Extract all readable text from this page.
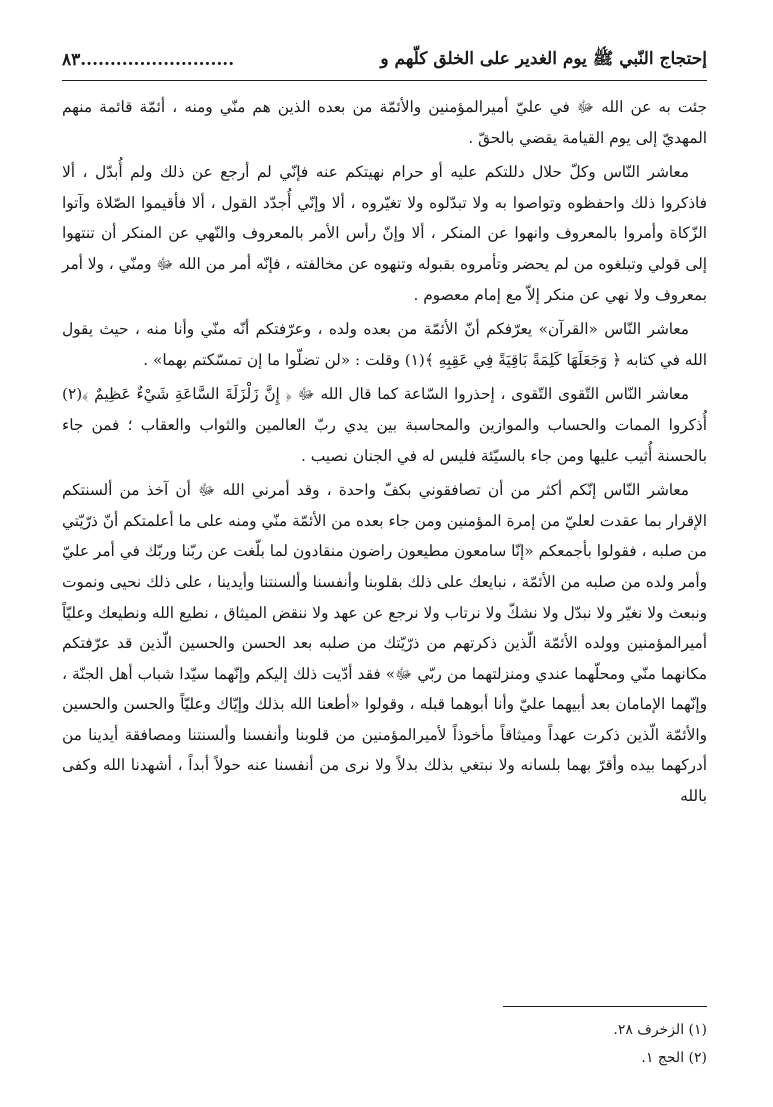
إحتجاج النّبي ﷺ يوم الغدير على الخلق كلّهم و
..........................٨٣

جئت به عن الله ﷻ في عليّ أميرالمؤمنين والأئمّة من بعده الذين هم منّي ومنه ، أئمّة قائمة منهم المهديّ إلى يوم القيامة يقضي بالحقّ .

معاشر النّاس وكلّ حلال دللتكم عليه أو حرام نهيتكم عنه فإنّي لم أرجع عن ذلك ولم أُبدّل ، ألا فاذكروا ذلك واحفظوه وتواصوا به ولا تبدّلوه ولا تغيّروه ، ألا وإنّي أُجدّد القول ، ألا فأقيموا الصّلاة وآتوا الزّكاة وأمروا بالمعروف وانهوا عن المنكر ، ألا وإنّ رأس الأمر بالمعروف والنّهي عن المنكر أن تنتهوا إلى قولي وتبلغوه من لم يحضر وتأمروه بقبوله وتنهوه عن مخالفته ، فإنّه أمر من الله ﷻ ومنّي ، ولا أمر بمعروف ولا نهي عن منكر إلاّ مع إمام معصوم .

معاشر النّاس «القرآن» يعرّفكم أنّ الأئمّة من بعده ولده ، وعرّفتكم أنّه منّي وأنا منه ، حيث يقول الله في كتابه ﴿ وَجَعَلَهَا كَلِمَةً بَاقِيَةً فِي عَقِبِهِ ﴾(١) وقلت : «لن تضلّوا ما إن تمسّكتم بهما» .

معاشر النّاس التّقوى التّقوى ، إحذروا السّاعة كما قال الله ﷻ ﴿ إِنَّ زَلْزَلَةَ السَّاعَةِ شَيْءٌ عَظِيمٌ ﴾(٢) أُذكروا الممات والحساب والموازين والمحاسبة بين يدي ربّ العالمين والثواب والعقاب ؛ فمن جاء بالحسنة أُثيب عليها ومن جاء بالسيّئة فليس له في الجنان نصيب .

معاشر النّاس إنّكم أكثر من أن تصافقوني بكفّ واحدة ، وقد أمرني الله ﷻ أن آخذ من ألسنتكم الإقرار بما عقدت لعليّ من إمرة المؤمنين ومن جاء بعده من الأئمّة منّي ومنه على ما أعلمتكم أنّ ذرّيّتي من صلبه ، فقولوا بأجمعكم «إنّا سامعون مطيعون راضون منقادون لما بلّغت عن ربّنا وربّك في أمر عليّ وأمر ولده من صلبه من الأئمّة ، نبايعك على ذلك بقلوبنا وأنفسنا وألسنتنا وأيدينا ، على ذلك نحيى ونموت ونبعث ولا نغيّر ولا نبدّل ولا نشكّ ولا نرتاب ولا نرجع عن عهد ولا ننقض الميثاق ، نطيع الله ونطيعك وعليّاً أميرالمؤمنين وولده الأئمّة الّذين ذكرتهم من ذرّيّتك من صلبه بعد الحسن والحسين الّذين قد عرّفتكم مكانهما منّي ومحلّهما عندي ومنزلتهما من ربّي ﷻ» فقد أدّيت ذلك إليكم وإنّهما سيّدا شباب أهل الجنّة ، وإنّهما الإمامان بعد أبيهما عليّ وأنا أبوهما قبله ، وقولوا «أطعنا الله بذلك وإيّاك وعليّاً والحسن والحسين والأئمّة الّذين ذكرت عهداً وميثاقاً مأخوذاً لأميرالمؤمنين من قلوبنا وأنفسنا وألسنتنا ومصافقة أيدينا من أدركهما بيده وأقرّ بهما بلسانه ولا نبتغي بذلك بدلاً ولا نرى من أنفسنا عنه حولاً أبداً ، أشهدنا الله وكفى بالله

(١) الزخرف ٢٨.
(٢) الحج ١.
